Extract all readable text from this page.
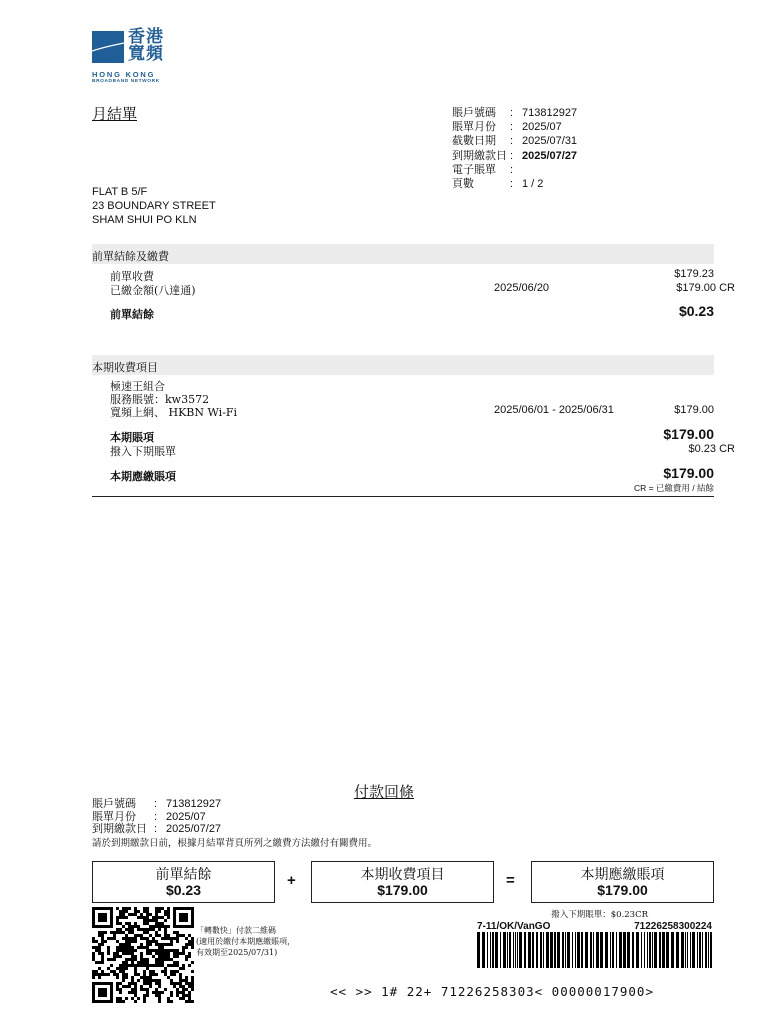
香港
寬頻
HONG KONG
BROADBAND NETWORK
月結單	賬戶號碼 : 713812927
賬單月份 : 2025/07
截數日期 : 2025/07/31
到期繳款日 : 2025/07/27
電子賬單 :
頁數	: 1 / 2
FLAT B 5/F
23 BOUNDARY STREET
SHAM SHUI PO KLN
前單結餘及繳費
前單收費	$179.23
已繳金額(八達通)	2025/06/20	$179.00 CR
前單結餘	$0.23
本期收費項目
極速王組合
服務賬號：kw3572
寬頻上網、 HKBN Wi-Fi	2025/06/01 - 2025/06/31	$179.00
本期賬項	$179.00
撥入下期賬單	$0.23 CR
本期應繳賬項	$179.00
CR = 已繳費用 / 結餘
付款回條
賬戶號碼 : 713812927
賬單月份 : 2025/07
到期繳款日 : 2025/07/27
請於到期繳款日前，根據月結單背頁所列之繳費方法繳付有關費用。
前單結餘
$0.23
+	本期收費項目
$179.00
=	本期應繳賬項
$179.00
「轉數快」付款二維碼
(適用於繳付本期應繳賬項，
有效期至2025/07/31)
撥入下期賬單：$0.23CR
7-11/OK/VanGO	71226258300224
<< >> 1# 22+ 71226258303< 00000017900>
